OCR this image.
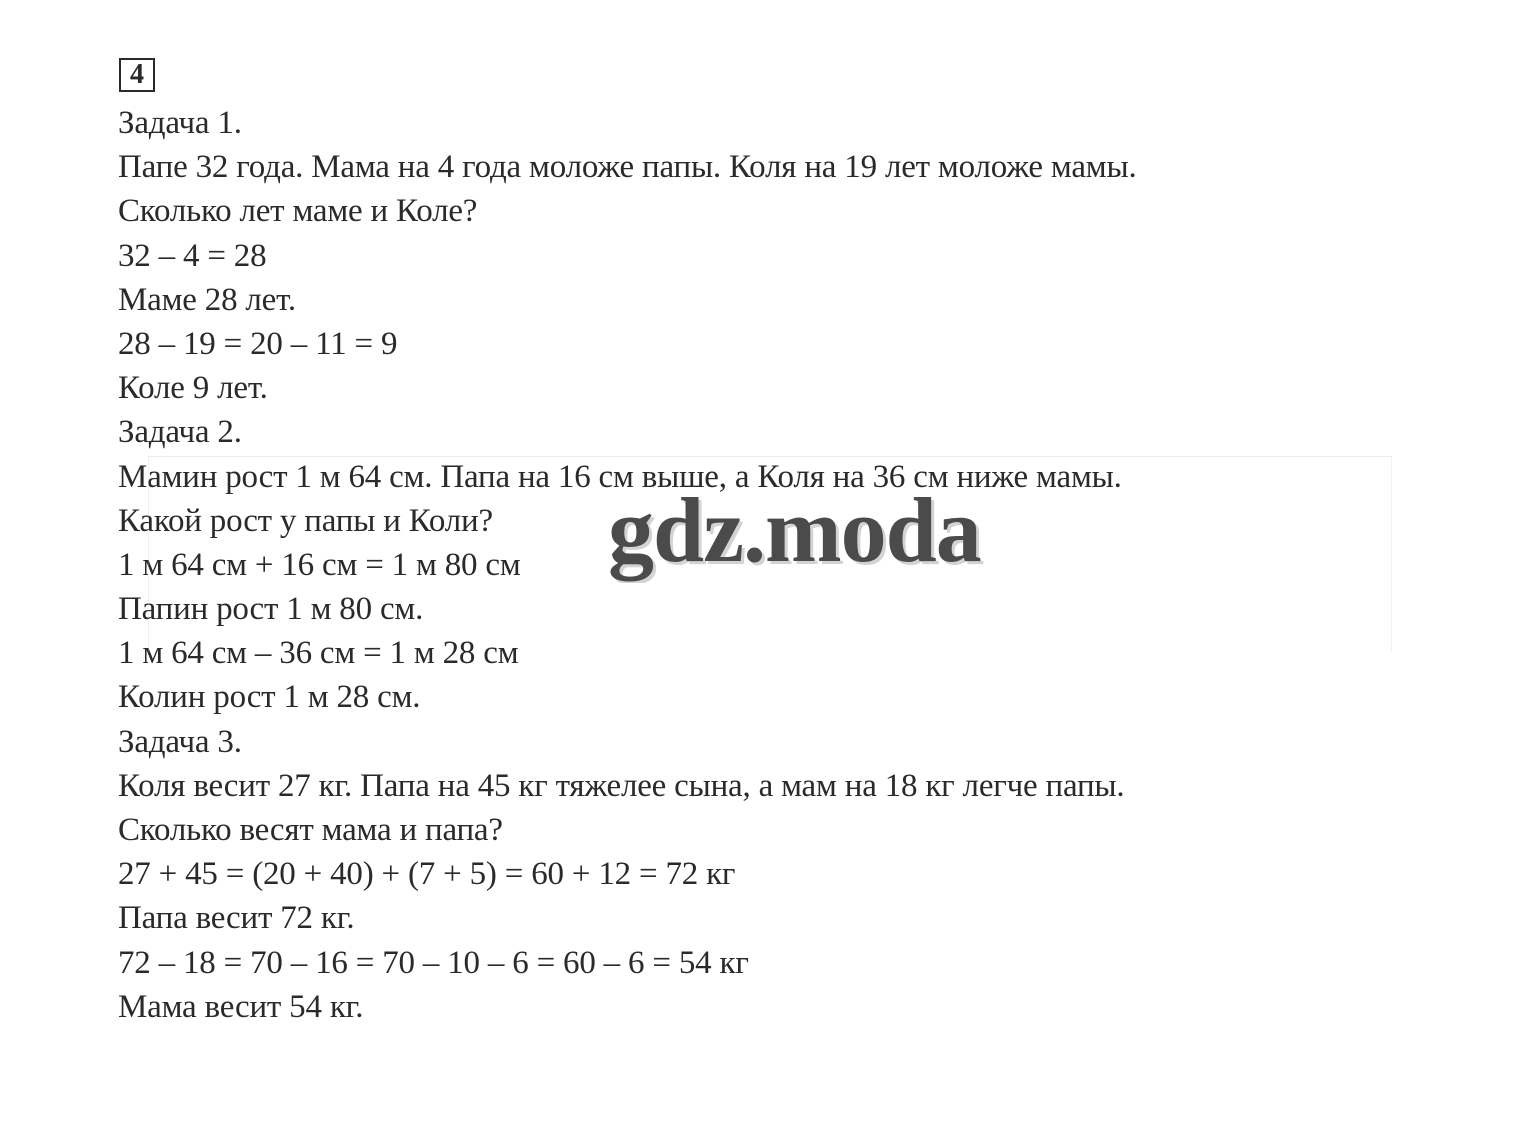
4
Задача 1.
Папе 32 года. Мама на 4 года моложе папы. Коля на 19 лет моложе мамы.
Сколько лет маме и Коле?
32 – 4 = 28
Маме 28 лет.
28 – 19 = 20 – 11 = 9
Коле 9 лет.
Задача 2.
Мамин рост 1 м 64 см. Папа на 16 см выше, а Коля на 36 см ниже мамы.
Какой рост у папы и Коли?
1 м 64 см + 16 см = 1 м 80 см
Папин рост 1 м 80 см.
1 м 64 см – 36 см = 1 м 28 см
Колин рост 1 м 28 см.
Задача 3.
Коля весит 27 кг. Папа на 45 кг тяжелее сына, а мам на 18 кг легче папы.
Сколько весят мама и папа?
27 + 45 = (20 + 40) + (7 + 5) = 60 + 12 = 72 кг
Папа весит 72 кг.
72 – 18 = 70 – 16 = 70 – 10 – 6 = 60 – 6 = 54 кг
Мама весит 54 кг.
gdz.moda
